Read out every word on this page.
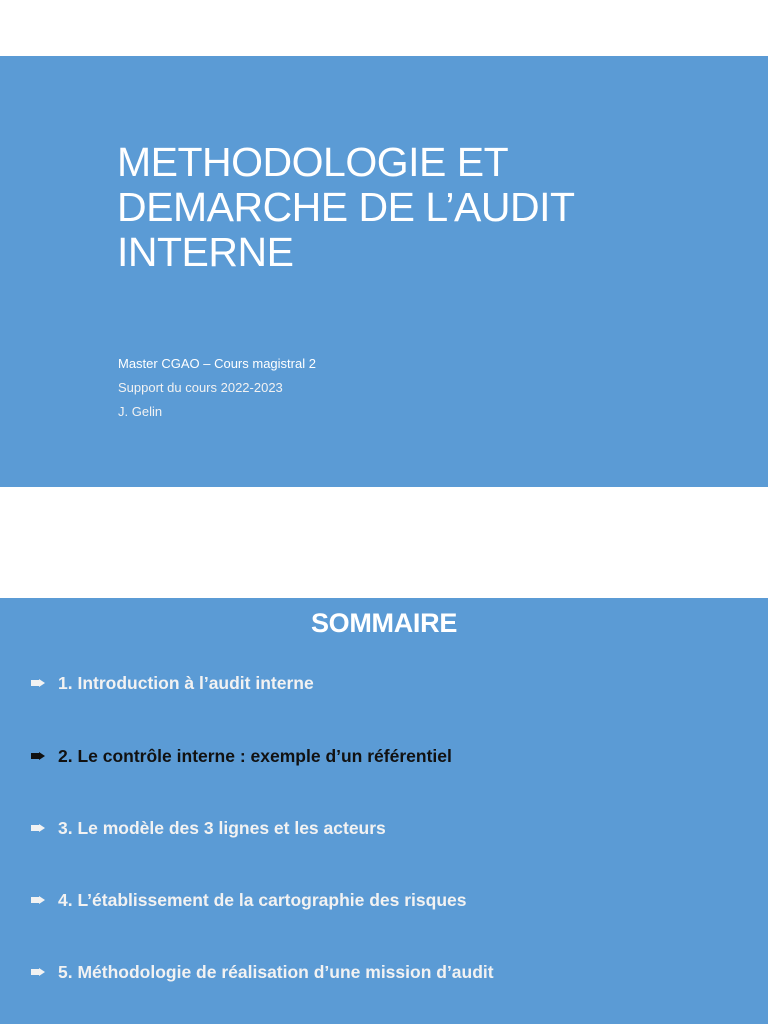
METHODOLOGIE ET
DEMARCHE DE L’AUDIT
INTERNE
Master CGAO – Cours magistral 2
Support du cours 2022-2023
J. Gelin
SOMMAIRE
1. Introduction à l’audit interne
2. Le contrôle interne : exemple d’un référentiel
3. Le modèle des 3 lignes et les acteurs
4. L’établissement de la cartographie des risques
5. Méthodologie de réalisation d’une mission d’audit
